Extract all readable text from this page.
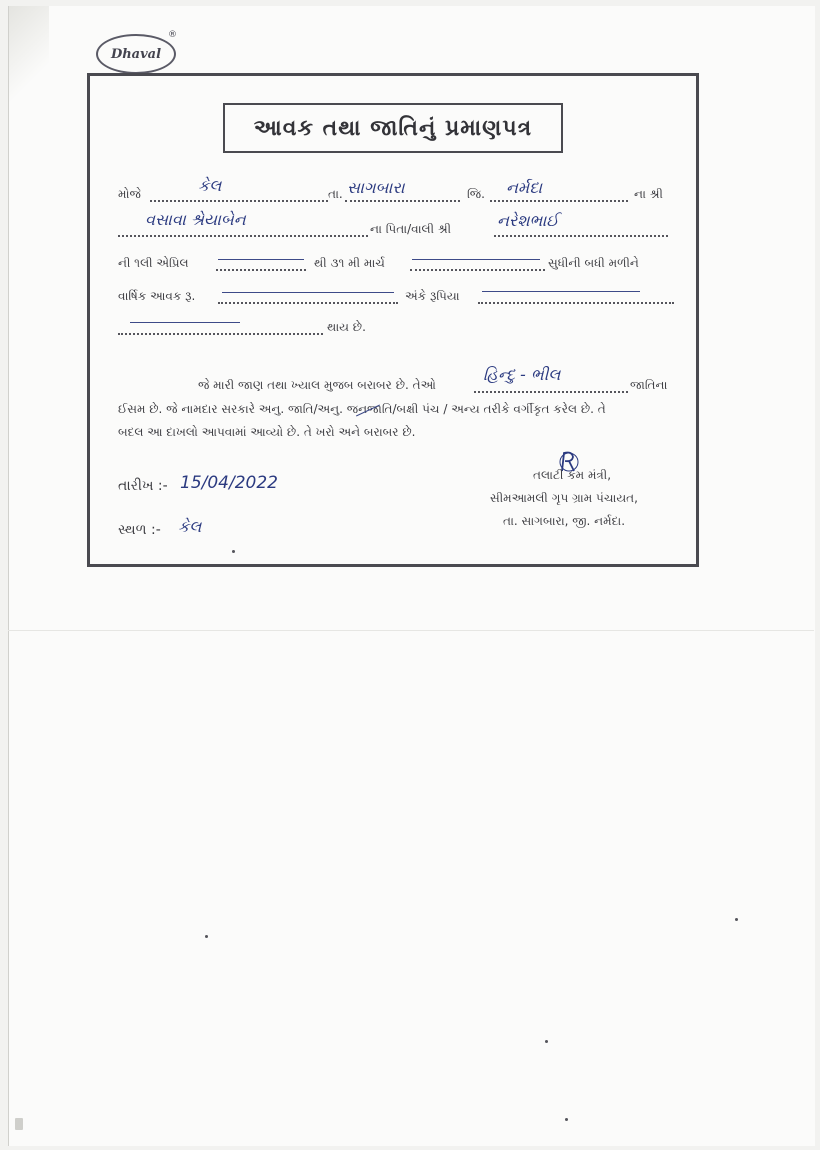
Dhaval
®
આવક તથા જાતિનું પ્રમાણપત્ર
મોજે	કેલ	તા. સાગબારા	જિ. નર્મદા	ના શ્રી
વસાવા શ્રેયાબેન	ના પિતા/વાલી શ્રી	નરેશભાઈ
ની ૧લી એપ્રિલ	થી ૩૧ મી માર્ચ	સુધીની બધી મળીને
વાર્ષિક આવક રૂ.	અંકે રૂપિયા
થાય છે.
જે મારી જાણ તથા ખ્યાલ મુજબ બરાબર છે. તેઓ
હિન્દુ - ભીલ
જાતિના
ઈસમ છે. જે નામદાર સરકારે અનુ. જાતિ/અનુ. જનજાતિ/બક્ષી પંચ / અન્ય તરીકે વર્ગીકૃત કરેલ છે. તે
બદલ આ દાખલો આપવામાં આવ્યો છે. તે ખરો અને બરાબર છે.
તારીખ :- 15/04/2022
સ્થળ :- કેલ
તલાટી કમ મંત્રી,
સીમઆમલી ગૃપ ગ્રામ પંચાયત,
તા. સાગબારા, જી. નર્મદા.
